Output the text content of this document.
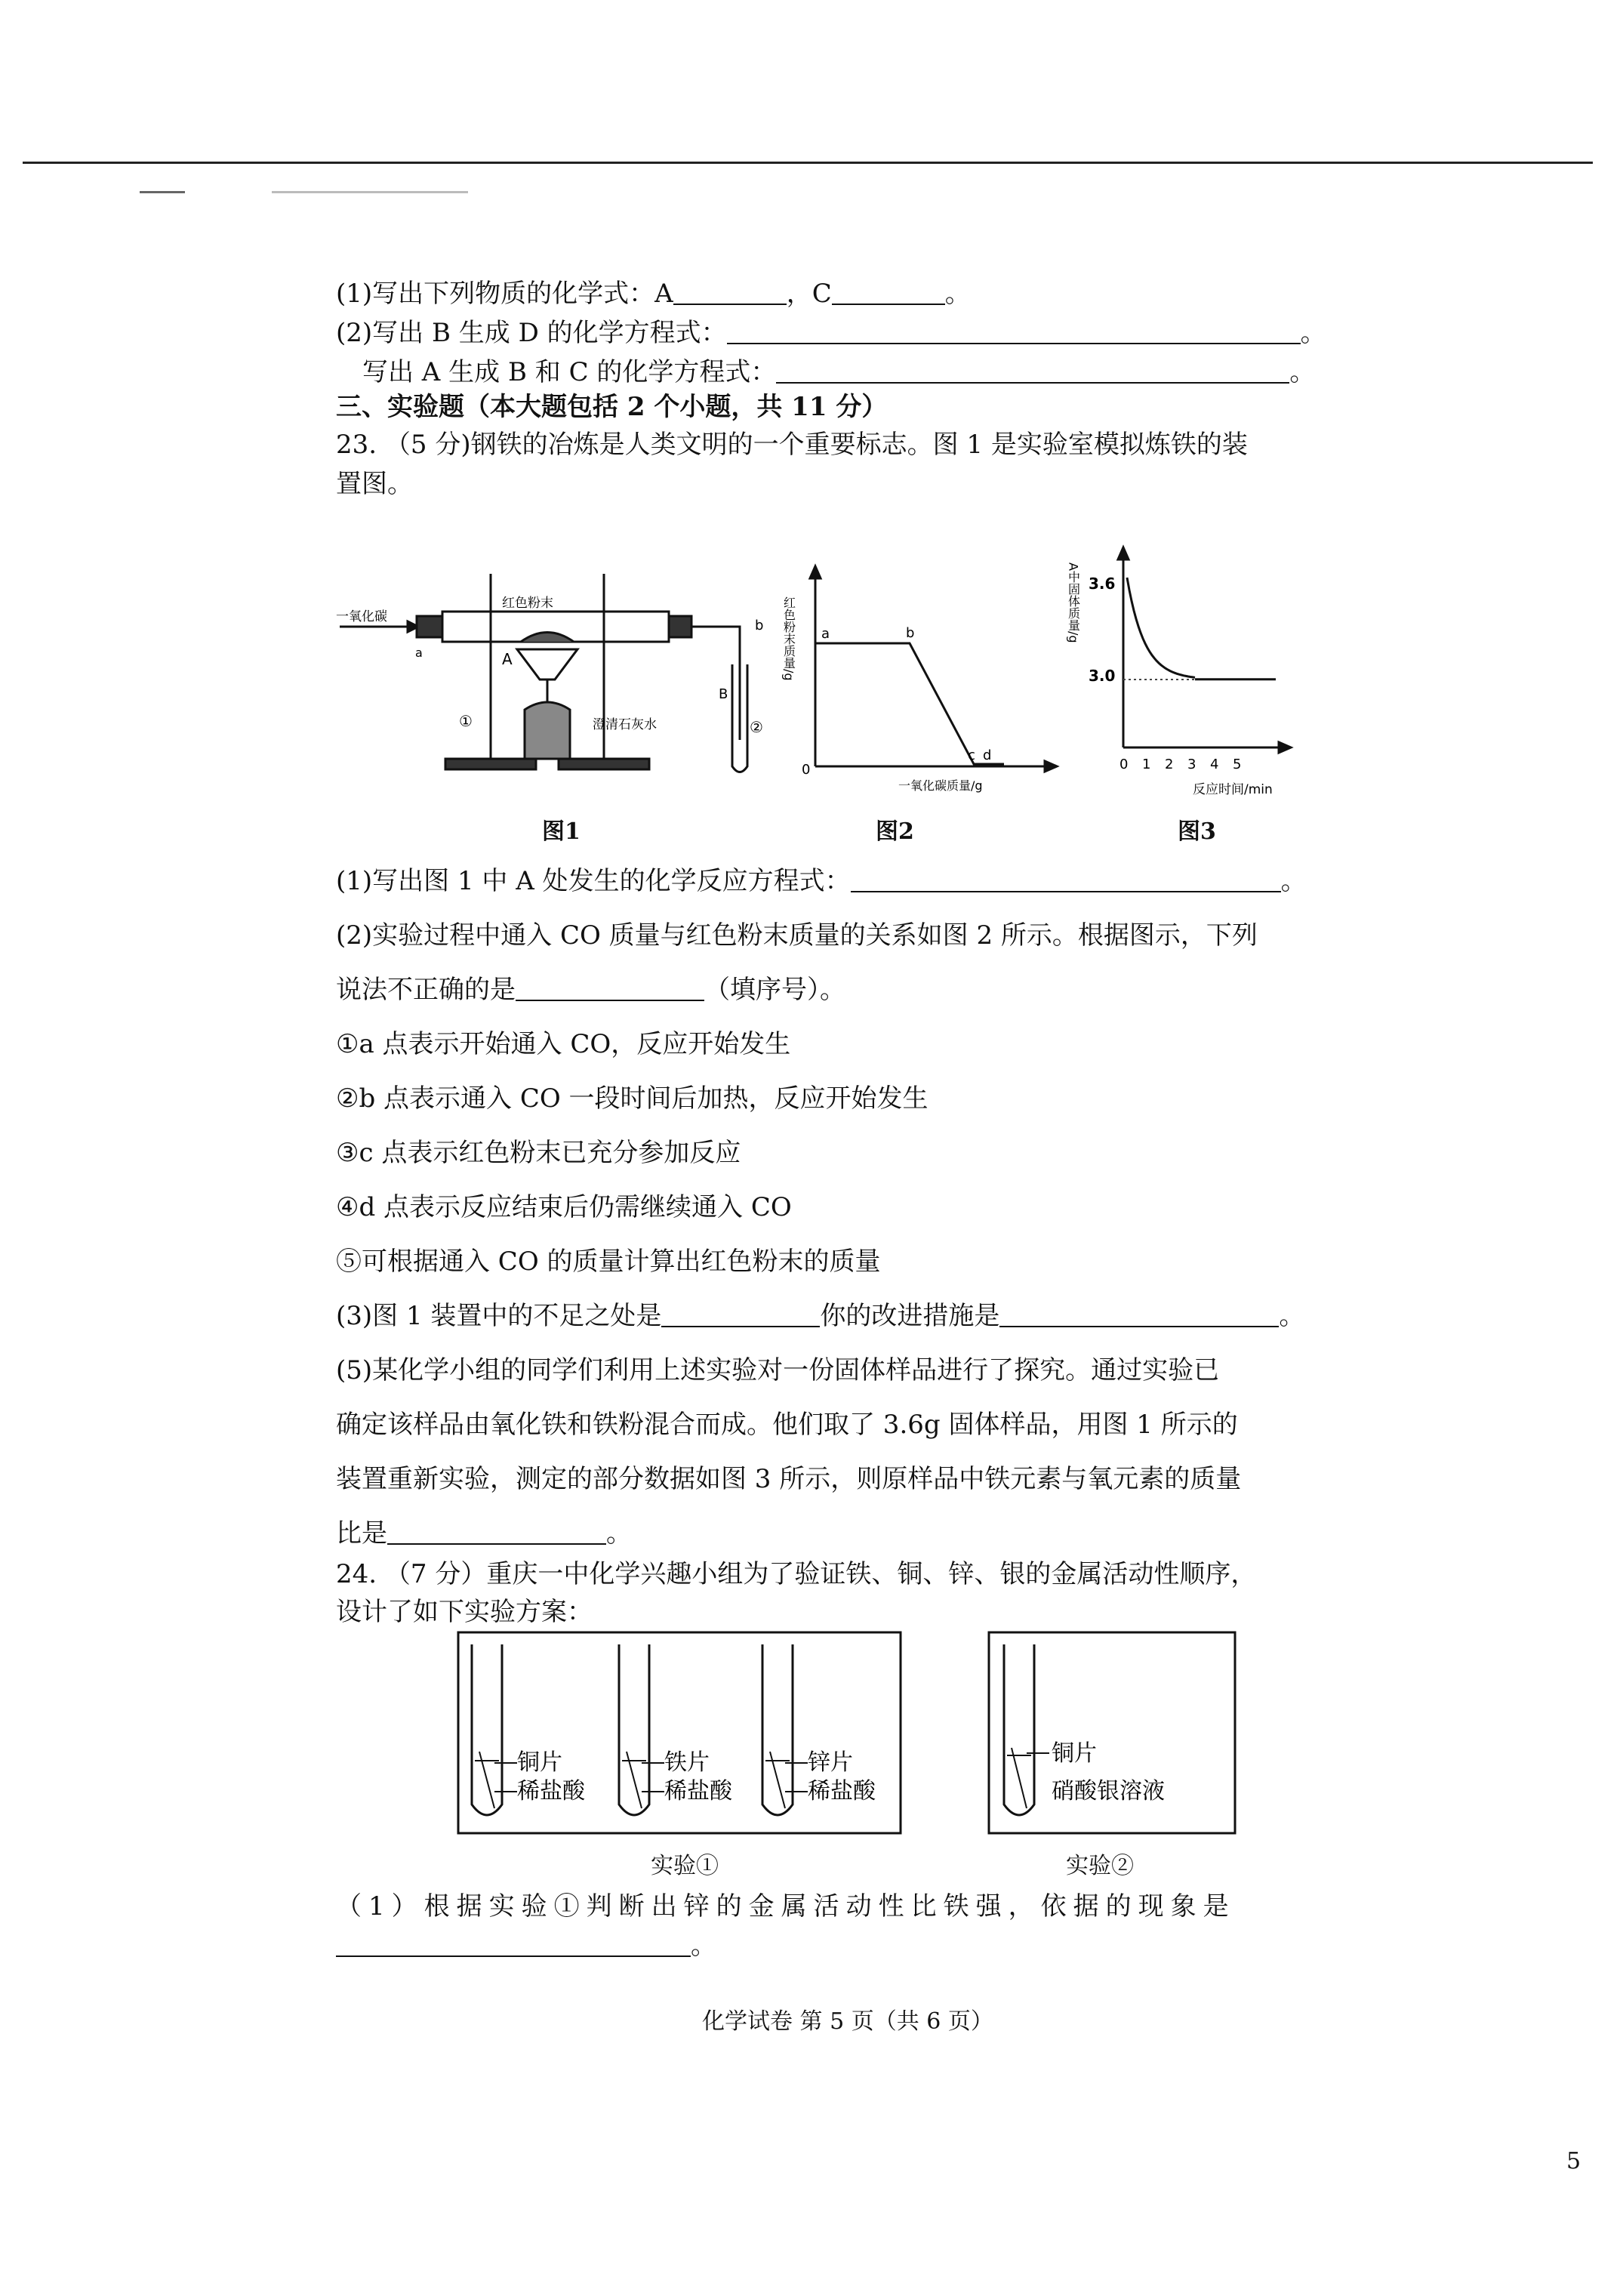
(1)写出下列物质的化学式：A	，C	。
(2)写出 B 生成 D 的化学方程式：	。
写出 A 生成 B 和 C 的化学方程式：	。
三、实验题（本大题包括 2 个小题，共 11 分）
23. （5 分)钢铁的冶炼是人类文明的一个重要标志。图 1 是实验室模拟炼铁的装
置图。
一氧化碳
红色粉末
a	A
b
B
澄清石灰水
①	②
图1
红色粉末质量/g
0
a	b
c d
一氧化碳质量/g
图2
A中固体质量/g 3.6
3.0
0 1 2 3 4 5
反应时间/min
图3
(1)写出图 1 中 A 处发生的化学反应方程式：	。
(2)实验过程中通入 CO 质量与红色粉末质量的关系如图 2 所示。根据图示，下列
说法不正确的是	（填序号）。
①a 点表示开始通入 CO，反应开始发生
②b 点表示通入 CO 一段时间后加热，反应开始发生
③c 点表示红色粉末已充分参加反应
④d 点表示反应结束后仍需继续通入 CO
⑤可根据通入 CO 的质量计算出红色粉末的质量
(3)图 1 装置中的不足之处是	你的改进措施是	。
(5)某化学小组的同学们利用上述实验对一份固体样品进行了探究。通过实验已
确定该样品由氧化铁和铁粉混合而成。他们取了 3.6g 固体样品，用图 1 所示的
装置重新实验，测定的部分数据如图 3 所示，则原样品中铁元素与氧元素的质量
比是	。
24. （7 分）重庆一中化学兴趣小组为了验证铁、铜、锌、银的金属活动性顺序，
设计了如下实验方案：
铜片
稀盐酸
铁片
稀盐酸
锌片
稀盐酸
实验①
铜片
硝酸银溶液
实验②
（1）根据实验①判断出锌的金属活动性比铁强，依据的现象是
。
化学试卷 第 5 页（共 6 页）
5
